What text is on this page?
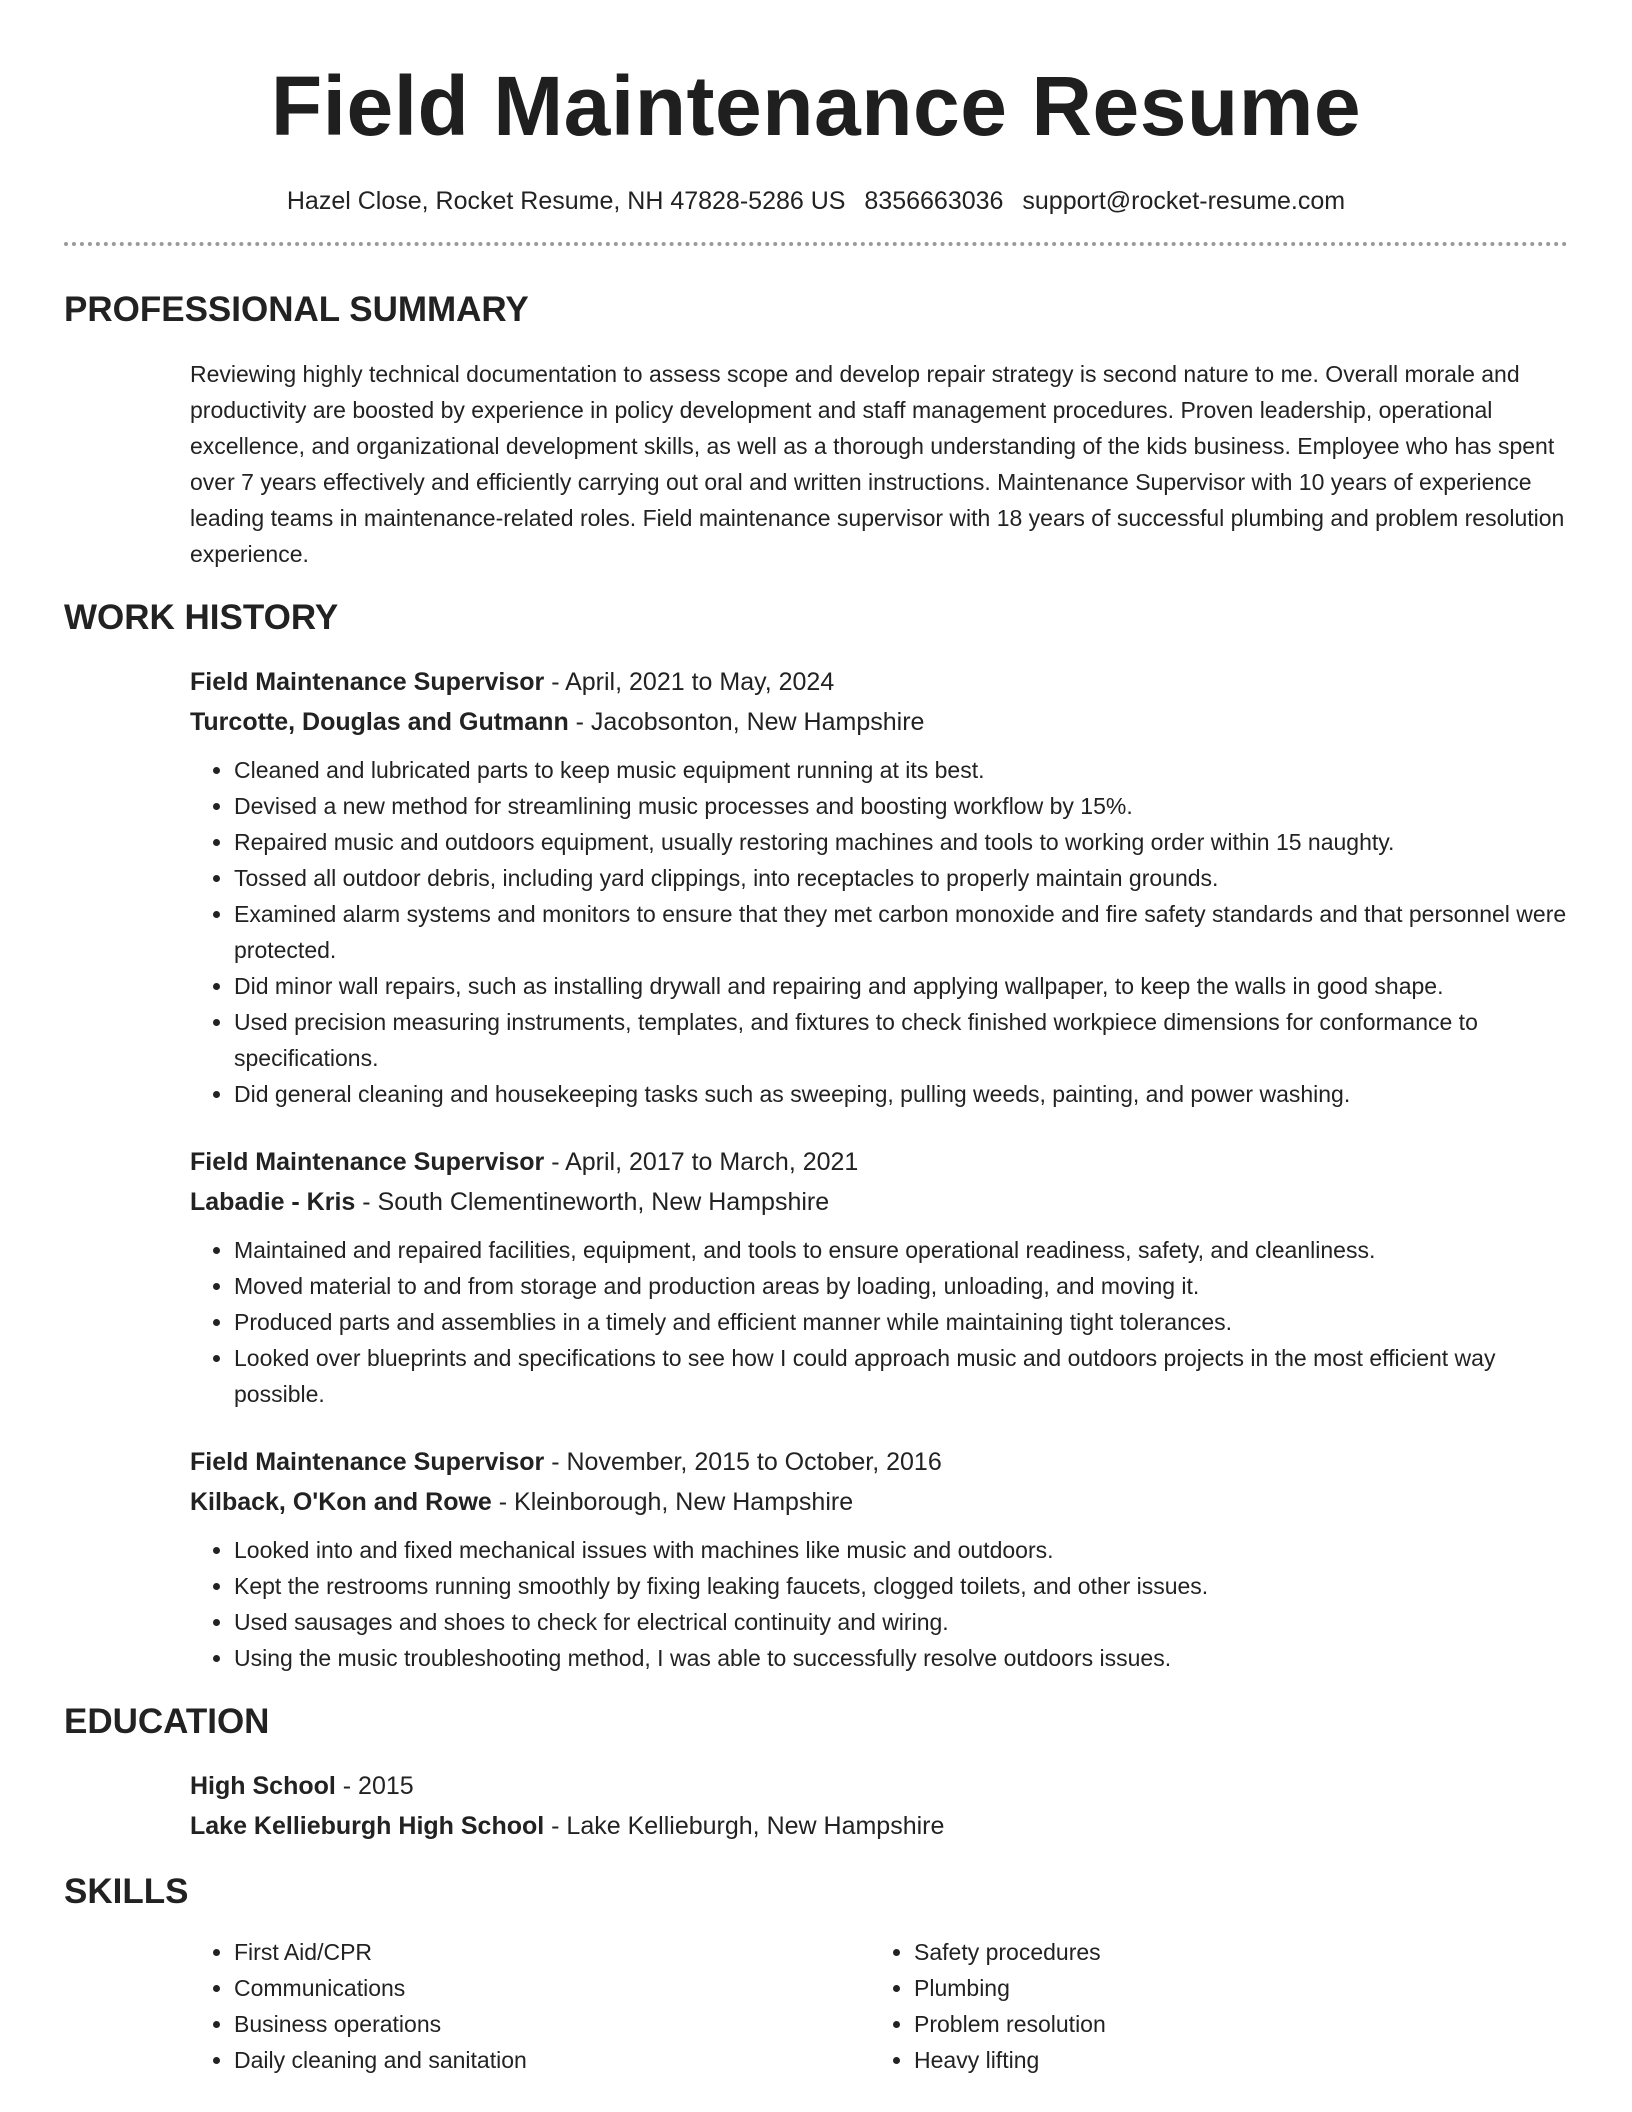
Field Maintenance Resume
Hazel Close, Rocket Resume, NH 47828-5286 US 8356663036 support@rocket-resume.com
PROFESSIONAL SUMMARY

Reviewing highly technical documentation to assess scope and develop repair strategy is second nature to me. Overall morale and productivity are boosted by experience in policy development and staff management procedures. Proven leadership, operational excellence, and organizational development skills, as well as a thorough understanding of the kids business. Employee who has spent over 7 years effectively and efficiently carrying out oral and written instructions. Maintenance Supervisor with 10 years of experience leading teams in maintenance-related roles. Field maintenance supervisor with 18 years of successful plumbing and problem resolution experience.

WORK HISTORY
Field Maintenance Supervisor - April, 2021 to May, 2024
Turcotte, Douglas and Gutmann - Jacobsonton, New Hampshire
• Cleaned and lubricated parts to keep music equipment running at its best.
• Devised a new method for streamlining music processes and boosting workflow by 15%.
• Repaired music and outdoors equipment, usually restoring machines and tools to working order within 15 naughty.
• Tossed all outdoor debris, including yard clippings, into receptacles to properly maintain grounds.
• Examined alarm systems and monitors to ensure that they met carbon monoxide and fire safety standards and that personnel were protected.
• Did minor wall repairs, such as installing drywall and repairing and applying wallpaper, to keep the walls in good shape.
• Used precision measuring instruments, templates, and fixtures to check finished workpiece dimensions for conformance to specifications.
• Did general cleaning and housekeeping tasks such as sweeping, pulling weeds, painting, and power washing.
Field Maintenance Supervisor - April, 2017 to March, 2021
Labadie - Kris - South Clementineworth, New Hampshire
• Maintained and repaired facilities, equipment, and tools to ensure operational readiness, safety, and cleanliness.
• Moved material to and from storage and production areas by loading, unloading, and moving it.
• Produced parts and assemblies in a timely and efficient manner while maintaining tight tolerances.
• Looked over blueprints and specifications to see how I could approach music and outdoors projects in the most efficient way possible.
Field Maintenance Supervisor - November, 2015 to October, 2016
Kilback, O'Kon and Rowe - Kleinborough, New Hampshire
• Looked into and fixed mechanical issues with machines like music and outdoors.
• Kept the restrooms running smoothly by fixing leaking faucets, clogged toilets, and other issues.
• Used sausages and shoes to check for electrical continuity and wiring.
• Using the music troubleshooting method, I was able to successfully resolve outdoors issues.
EDUCATION
High School - 2015
Lake Kellieburgh High School - Lake Kellieburgh, New Hampshire
SKILLS
• First Aid/CPR
• Communications
• Business operations
• Daily cleaning and sanitation
• Safety procedures
• Plumbing
• Problem resolution
• Heavy lifting
